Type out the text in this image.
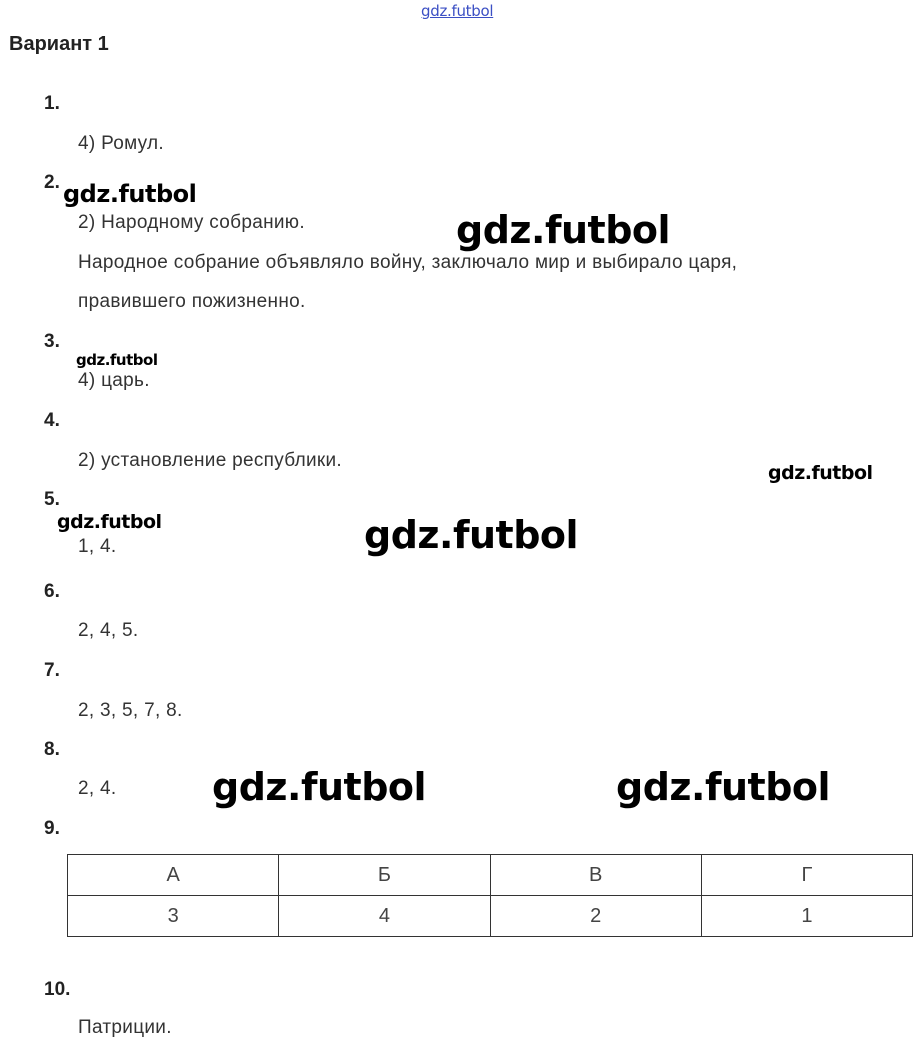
gdz.futbol
Вариант 1
1.
4) Ромул.
2.
2) Народному собранию.
Народное собрание объявляло войну, заключало мир и выбирало царя,
правившего пожизненно.
3.
4) царь.
4.
2) установление республики.
5.
1, 4.
6.
2, 4, 5.
7.
2, 3, 5, 7, 8.
8.
2, 4.
9.
А	Б	В	Г
3	4	2	1
10.
Патриции.
gdz.futbol
gdz.futbol
gdz.futbol
gdz.futbol
gdz.futbol	gdz.futbol
gdz.futbol	gdz.futbol
